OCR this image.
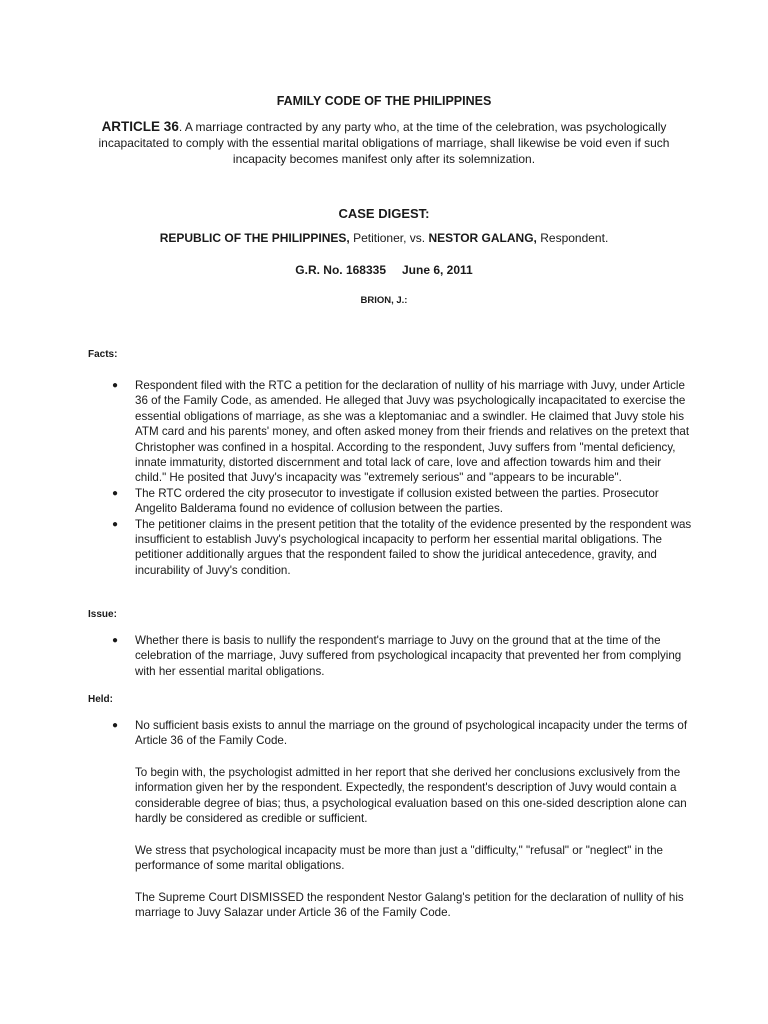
FAMILY CODE OF THE PHILIPPINES
ARTICLE 36. A marriage contracted by any party who, at the time of the celebration, was psychologically incapacitated to comply with the essential marital obligations of marriage, shall likewise be void even if such incapacity becomes manifest only after its solemnization.
CASE DIGEST:
REPUBLIC OF THE PHILIPPINES, Petitioner, vs. NESTOR GALANG, Respondent.
G.R. No. 168335 June 6, 2011
BRION, J.:
Facts:
● Respondent filed with the RTC a petition for the declaration of nullity of his marriage with Juvy, under Article 36 of the Family Code, as amended. He alleged that Juvy was psychologically incapacitated to exercise the essential obligations of marriage, as she was a kleptomaniac and a swindler. He claimed that Juvy stole his ATM card and his parents' money, and often asked money from their friends and relatives on the pretext that Christopher was confined in a hospital. According to the respondent, Juvy suffers from "mental deficiency, innate immaturity, distorted discernment and total lack of care, love and affection towards him and their child." He posited that Juvy's incapacity was "extremely serious" and "appears to be incurable".
● The RTC ordered the city prosecutor to investigate if collusion existed between the parties. Prosecutor Angelito Balderama found no evidence of collusion between the parties.
● The petitioner claims in the present petition that the totality of the evidence presented by the respondent was insufficient to establish Juvy's psychological incapacity to perform her essential marital obligations. The petitioner additionally argues that the respondent failed to show the juridical antecedence, gravity, and incurability of Juvy's condition.
Issue:
● Whether there is basis to nullify the respondent's marriage to Juvy on the ground that at the time of the celebration of the marriage, Juvy suffered from psychological incapacity that prevented her from complying with her essential marital obligations.
Held:
● No sufficient basis exists to annul the marriage on the ground of psychological incapacity under the terms of Article 36 of the Family Code.
To begin with, the psychologist admitted in her report that she derived her conclusions exclusively from the information given her by the respondent. Expectedly, the respondent's description of Juvy would contain a considerable degree of bias; thus, a psychological evaluation based on this one-sided description alone can hardly be considered as credible or sufficient.
We stress that psychological incapacity must be more than just a "difficulty," "refusal" or "neglect" in the performance of some marital obligations.
The Supreme Court DISMISSED the respondent Nestor Galang's petition for the declaration of nullity of his marriage to Juvy Salazar under Article 36 of the Family Code.
